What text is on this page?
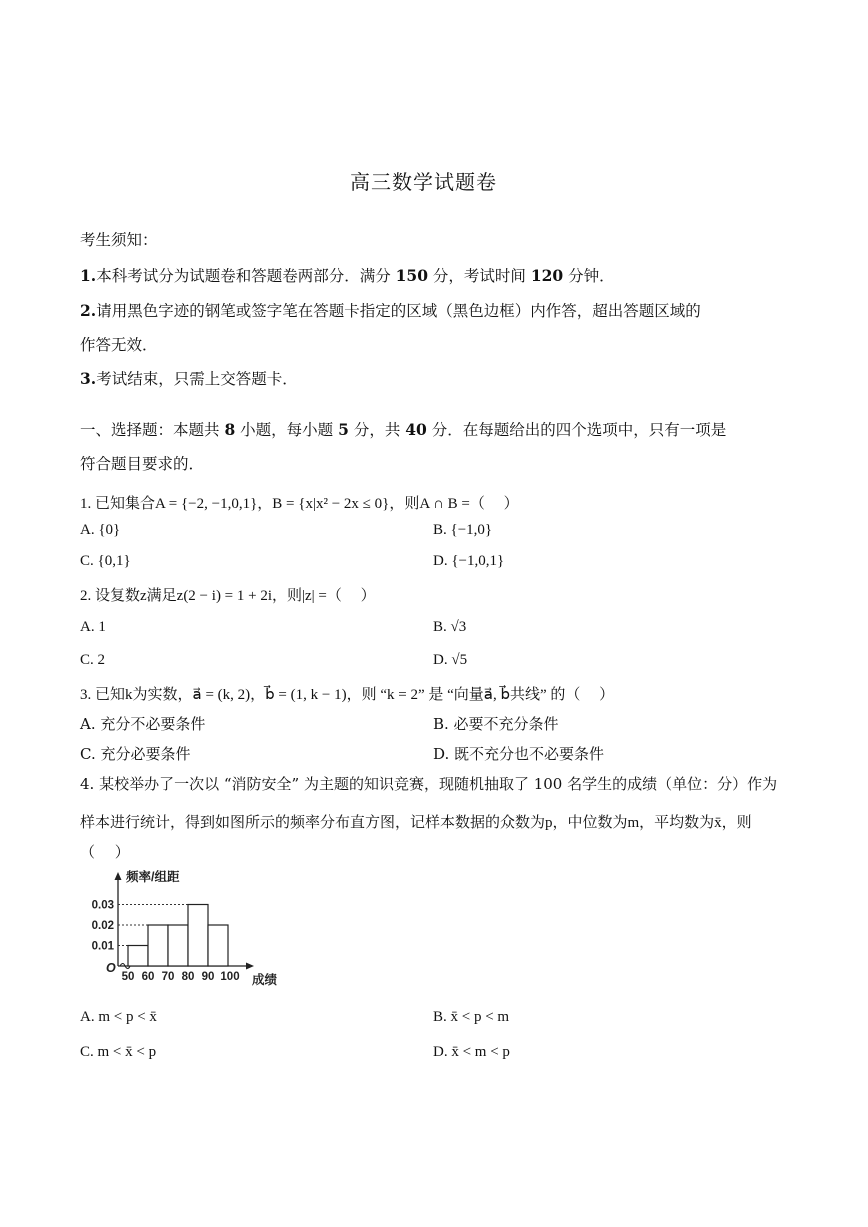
高三数学试题卷
考生须知：
1.本科考试分为试题卷和答题卷两部分．满分 150 分，考试时间 120 分钟．
2.请用黑色字迹的钢笔或签字笔在答题卡指定的区域（黑色边框）内作答，超出答题区域的
作答无效．
3.考试结束，只需上交答题卡．
一、选择题：本题共 8 小题，每小题 5 分，共 40 分．在每题给出的四个选项中，只有一项是
符合题目要求的．
1. 已知集合A = {−2, −1,0,1}，B = {x|x² − 2x ≤ 0}，则A ∩ B =（　 ）
A. {0}	B. {−1,0}
C. {0,1}	D. {−1,0,1}
2. 设复数z满足z(2 − i) = 1 + 2i，则|z| =（　 ）
A. 1	B. √3
C. 2	D. √5
3. 已知k为实数，a⃗ = (k, 2)，b⃗ = (1, k − 1)，则 “k = 2” 是 “向量a⃗, b⃗共线” 的（　 ）
A. 充分不必要条件	B. 必要不充分条件
C. 充分必要条件	D. 既不充分也不必要条件
4. 某校举办了一次以 “消防安全” 为主题的知识竞赛，现随机抽取了 100 名学生的成绩（单位：分）作为
样本进行统计，得到如图所示的频率分布直方图，记样本数据的众数为p，中位数为m，平均数为x̄，则
（　 ）
0.01
0.02
0.03
50 60 70 80 90 100
频率/组距
成绩
O
A. m < p < x̄	B. x̄ < p < m
C. m < x̄ < p	D. x̄ < m < p
